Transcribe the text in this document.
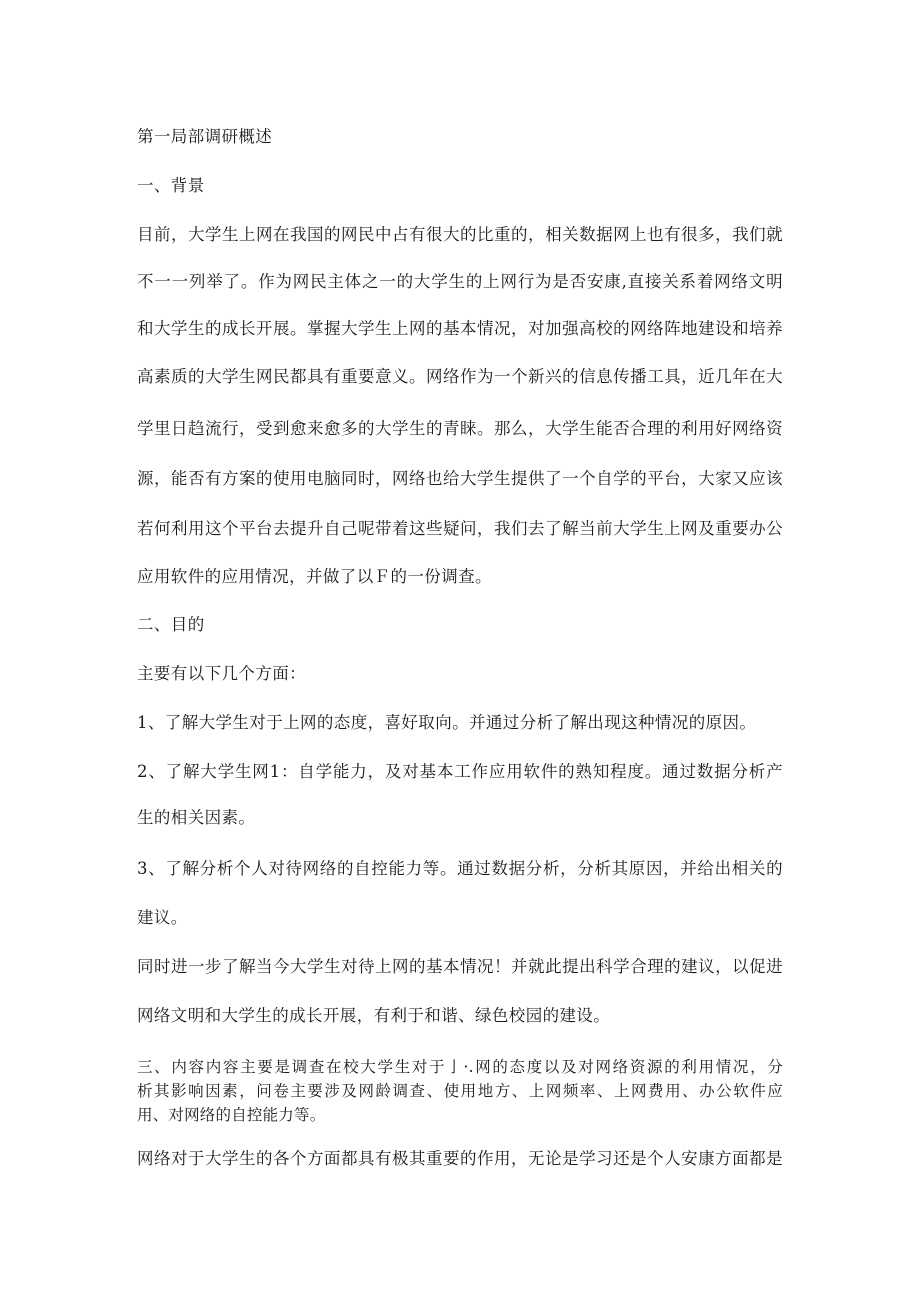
第一局部调研概述

一、背景

目前，大学生上网在我国的网民中占有很大的比重的，相关数据网上也有很多，我们就

不一一列举了。作为网民主体之一的大学生的上网行为是否安康,直接关系着网络文明

和大学生的成长开展。掌握大学生上网的基本情况，对加强高校的网络阵地建设和培养

高素质的大学生网民都具有重要意义。网络作为一个新兴的信息传播工具，近几年在大

学里日趋流行，受到愈来愈多的大学生的青睐。那么，大学生能否合理的利用好网络资

源，能否有方案的使用电脑同时，网络也给大学生提供了一个自学的平台，大家又应该

若何利用这个平台去提升自己呢带着这些疑问，我们去了解当前大学生上网及重要办公

应用软件的应用情况，并做了以Ｆ的一份调查。

二、目的

主要有以下几个方面：

1、了解大学生对于上网的态度，喜好取向。并通过分析了解出现这种情况的原因。

2、了解大学生网1：自学能力，及对基本工作应用软件的熟知程度。通过数据分析产

生的相关因素。

3、了解分析个人对待网络的自控能力等。通过数据分析，分析其原因，并给出相关的

建议。

同时进一步了解当今大学生对待上网的基本情况！并就此提出科学合理的建议，以促进

网络文明和大学生的成长开展，有利于和谐、绿色校园的建设。

三、内容内容主要是调查在校大学生对于亅·.网的态度以及对网络资源的利用情况，分

析其影响因素，问卷主要涉及网龄调查、使用地方、上网频率、上网费用、办公软件应

用、对网络的自控能力等。

网络对于大学生的各个方面都具有极其重要的作用，无论是学习还是个人安康方面都是
